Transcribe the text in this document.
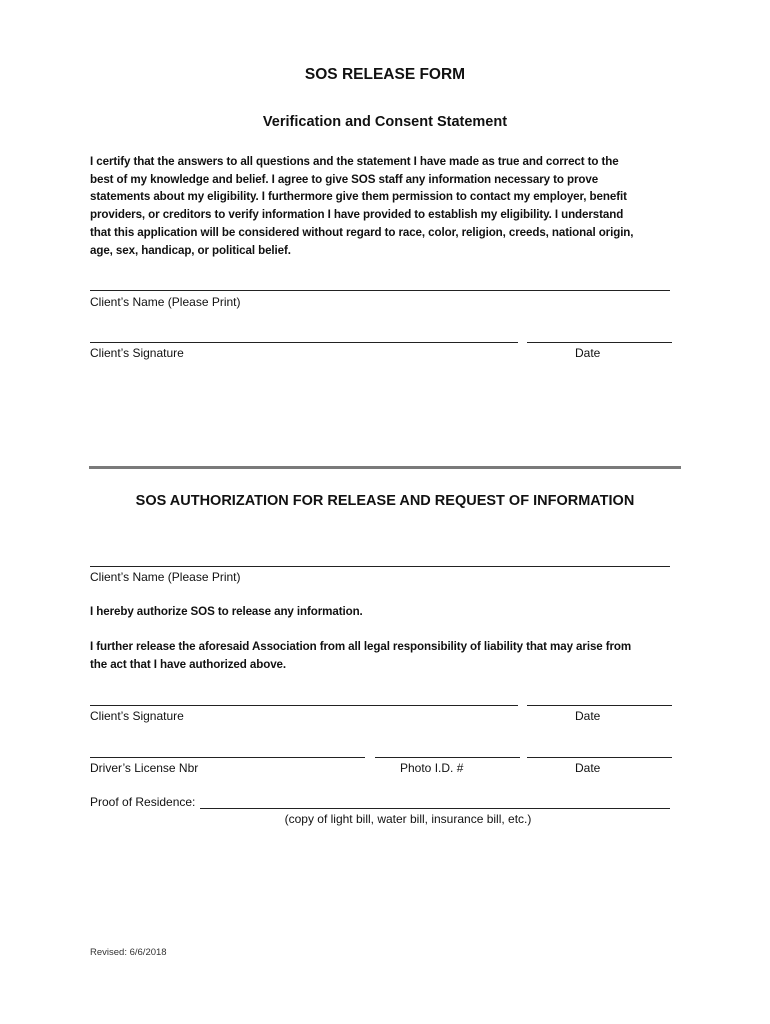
SOS RELEASE FORM
Verification and Consent Statement
I certify that the answers to all questions and the statement I have made as true and correct to the
best of my knowledge and belief. I agree to give SOS staff any information necessary to prove
statements about my eligibility. I furthermore give them permission to contact my employer, benefit
providers, or creditors to verify information I have provided to establish my eligibility. I understand
that this application will be considered without regard to race, color, religion, creeds, national origin,
age, sex, handicap, or political belief.
Client’s Name (Please Print)
Client’s Signature	Date
SOS AUTHORIZATION FOR RELEASE AND REQUEST OF INFORMATION
Client’s Name (Please Print)
I hereby authorize SOS to release any information.
I further release the aforesaid Association from all legal responsibility of liability that may arise from
the act that I have authorized above.
Client’s Signature	Date
Driver’s License Nbr	Photo I.D. #	Date
Proof of Residence:
(copy of light bill, water bill, insurance bill, etc.)
Revised: 6/6/2018
